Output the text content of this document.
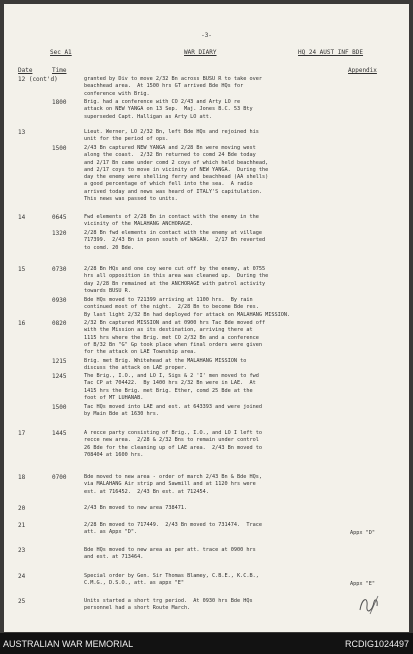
-3-
Sec A1	WAR DIARY	HQ 24 AUST INF BDE
Date	Time	Appendix
12 (cont'd)	granted by Div to move 2/32 Bn across BUSU R to take over
beachhead area.  At 1500 hrs GT arrived Bde HQs for
conference with Brig.
1800	Brig. had a conference with CO 2/43 and Arty LO re
attack on NEW YANGA on 13 Sep.  Maj. Jones B.C. 53 Bty
superseded Capt. Halligan as Arty LO att.
13	Lieut. Werner, LO 2/32 Bn, left Bde HQs and rejoined his
unit for the period of ops.
1500	2/43 Bn captured NEW YANGA and 2/28 Bn were moving west
along the coast.  2/32 Bn returned to comd 24 Bde today
and 2/17 Bn came under comd 2 coys of which held beachhead,
and 2/17 coys to move in vicinity of NEW YANGA.  During the
day the enemy were shelling ferry and beachhead (AA shells)
a good percentage of which fell into the sea.  A radio
arrived today and news was heard of ITALY'S capitulation.
This news was passed to units.
14	0645	Fwd elements of 2/28 Bn in contact with the enemy in the
vicinity of the MALAHANG ANCHORAGE.
1320	2/28 Bn fwd elements in contact with the enemy at village
717399.  2/43 Bn in posn south of WAGAN.  2/17 Bn reverted
to comd. 20 Bde.
15	0730	2/28 Bn HQs and one coy were cut off by the enemy, at 0755
hrs all opposition in this area was cleaned up.  During the
day 2/28 Bn remained at the ANCHORAGE with patrol activity
towards BUSU R.
0930	Bde HQs moved to 721399 arriving at 1100 hrs.  By rain
continued most of the night.  2/28 Bn to become Bde res.
By last light 2/32 Bn had deployed for attack on MALAHANG MISSION.
16	0820	2/32 Bn captured MISSION and at 0900 hrs Tac Bde moved off
with the Mission as its destination, arriving there at
1115 hrs where the Brig. met CO 2/32 Bn and a conference
of B/32 Bn "G" Gp took place when final orders were given
for the attack on LAE Township area.
1215	Brig. met Brig. Whitehead at the MALAHANG MISSION to
discuss the attack on LAE proper.
1245	The Brig., I.O., and LO I, Sigs & 2 'I' men moved to fwd
Tac CP at 704422.  By 1400 hrs 2/32 Bn were in LAE.  At
1415 hrs the Brig. met Brig. Ether, comd 25 Bde at the
foot of MT LUHANAB.
1500	Tac HQs moved into LAE and est. at 643393 and were joined
by Main Bde at 1630 hrs.
17	1445	A recce party consisting of Brig., I.O., and LO I left to
recce new area.  2/28 & 2/32 Bns to remain under control
26 Bde for the cleaning up of LAE area.  2/43 Bn moved to
708404 at 1600 hrs.
18	0700	Bde moved to new area - order of march 2/43 Bn & Bde HQs,
via MALAHANG Air strip and Sawmill and at 1120 hrs were
est. at 716452.  2/43 Bn est. at 712454.
20	2/43 Bn moved to new area 738471.
21	2/28 Bn moved to 717449.  2/43 Bn moved to 731474.  Trace
att. as Appx "D".	Appx "D"
23	Bde HQs moved to new area as per att. trace at 0900 hrs
and est. at 713464.
24	Special order by Gen. Sir Thomas Blamey, C.B.E., K.C.B.,
C.M.G., D.S.O., att. as appx "E"	Appx "E"
25	Units started a short trg period.  At 0930 hrs Bde HQs
personnel had a short Route March.
AUSTRALIAN WAR MEMORIAL	RCDIG1024497
